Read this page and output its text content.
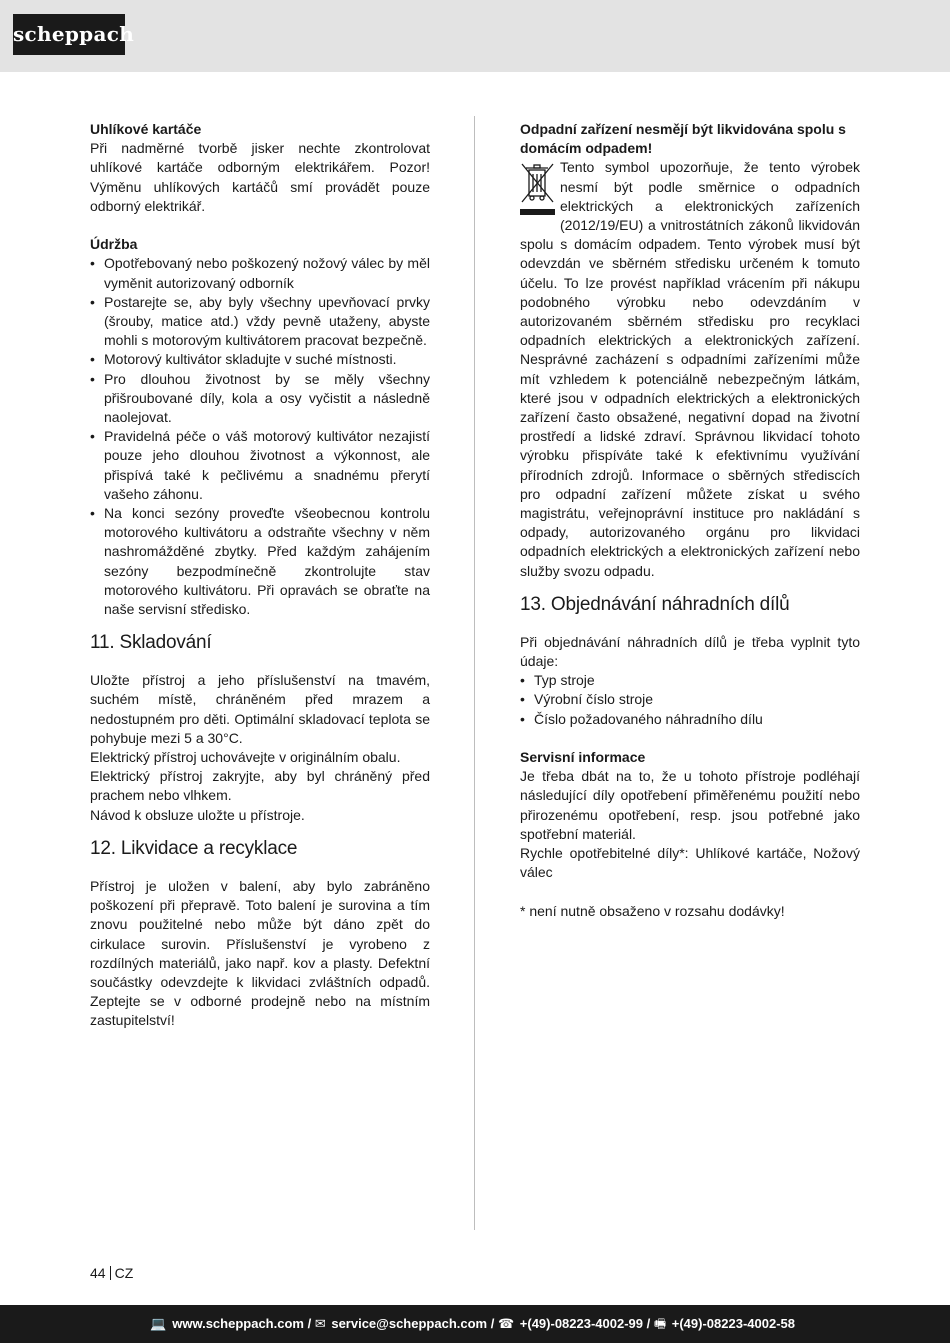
scheppach

Uhlíkové kartáče

Při nadměrné tvorbě jisker nechte zkontrolovat uhlíkové kartáče odborným elektrikářem. Pozor! Výměnu uhlíkových kartáčů smí provádět pouze odborný elektrikář.

Údržba

• Opotřebovaný nebo poškozený nožový válec by měl vyměnit autorizovaný odborník
• Postarejte se, aby byly všechny upevňovací prvky (šrouby, matice atd.) vždy pevně utaženy, abyste mohli s motorovým kultivátorem pracovat bezpečně.
• Motorový kultivátor skladujte v suché místnosti.
• Pro dlouhou životnost by se měly všechny přišroubované díly, kola a osy vyčistit a následně naolejovat.
• Pravidelná péče o váš motorový kultivátor nezajistí pouze jeho dlouhou životnost a výkonnost, ale přispívá také k pečlivému a snadnému přerytí vašeho záhonu.
• Na konci sezóny proveďte všeobecnou kontrolu motorového kultivátoru a odstraňte všechny v něm nashromážděné zbytky. Před každým zahájením sezóny bezpodmínečně zkontrolujte stav motorového kultivátoru. Při opravách se obraťte na naše servisní středisko.
11. Skladování

Uložte přístroj a jeho příslušenství na tmavém, suchém místě, chráněném před mrazem a nedostupném pro děti. Optimální skladovací teplota se pohybuje mezi 5 a 30°C.

Elektrický přístroj uchovávejte v originálním obalu.

Elektrický přístroj zakryjte, aby byl chráněný před prachem nebo vlhkem.

Návod k obsluze uložte u přístroje.

12. Likvidace a recyklace

Přístroj je uložen v balení, aby bylo zabráněno poškození při přepravě. Toto balení je surovina a tím znovu použitelné nebo může být dáno zpět do cirkulace surovin. Příslušenství je vyrobeno z rozdílných materiálů, jako např. kov a plasty. Defektní součástky odevzdejte k likvidaci zvláštních odpadů. Zeptejte se v odborné prodejně nebo na místním zastupitelství!

Odpadní zařízení nesmějí být likvidována spolu s domácím odpadem!

Tento symbol upozorňuje, že tento výrobek nesmí být podle směrnice o odpadních elektrických a elektronických zařízeních (2012/19/EU) a vnitrostátních zákonů likvidován spolu s domácím odpadem. Tento výrobek musí být odevzdán ve sběrném středisku určeném k tomuto účelu. To lze provést například vrácením při nákupu podobného výrobku nebo odevzdáním v autorizovaném sběrném středisku pro recyklaci odpadních elektrických a elektronických zařízení. Nesprávné zacházení s odpadními zařízeními může mít vzhledem k potenciálně nebezpečným látkám, které jsou v odpadních elektrických a elektronických zařízení často obsažené, negativní dopad na životní prostředí a lidské zdraví. Správnou likvidací tohoto výrobku přispíváte také k efektivnímu využívání přírodních zdrojů. Informace o sběrných střediscích pro odpadní zařízení můžete získat u svého magistrátu, veřejnoprávní instituce pro nakládání s odpady, autorizovaného orgánu pro likvidaci odpadních elektrických a elektronických zařízení nebo služby svozu odpadu.

13. Objednávání náhradních dílů

Při objednávání náhradních dílů je třeba vyplnit tyto údaje:

• Typ stroje
• Výrobní číslo stroje
• Číslo požadovaného náhradního dílu

Servisní informace

Je třeba dbát na to, že u tohoto přístroje podléhají následující díly opotřebení přiměřenému použití nebo přirozenému opotřebení, resp. jsou potřebné jako spotřební materiál.

Rychle opotřebitelné díly*: Uhlíkové kartáče, Nožový válec

* není nutně obsaženo v rozsahu dodávky!

44 CZ
💻 www.scheppach.com / ✉ service@scheppach.com / ☎ +(49)-08223-4002-99 / 🖷 +(49)-08223-4002-58
